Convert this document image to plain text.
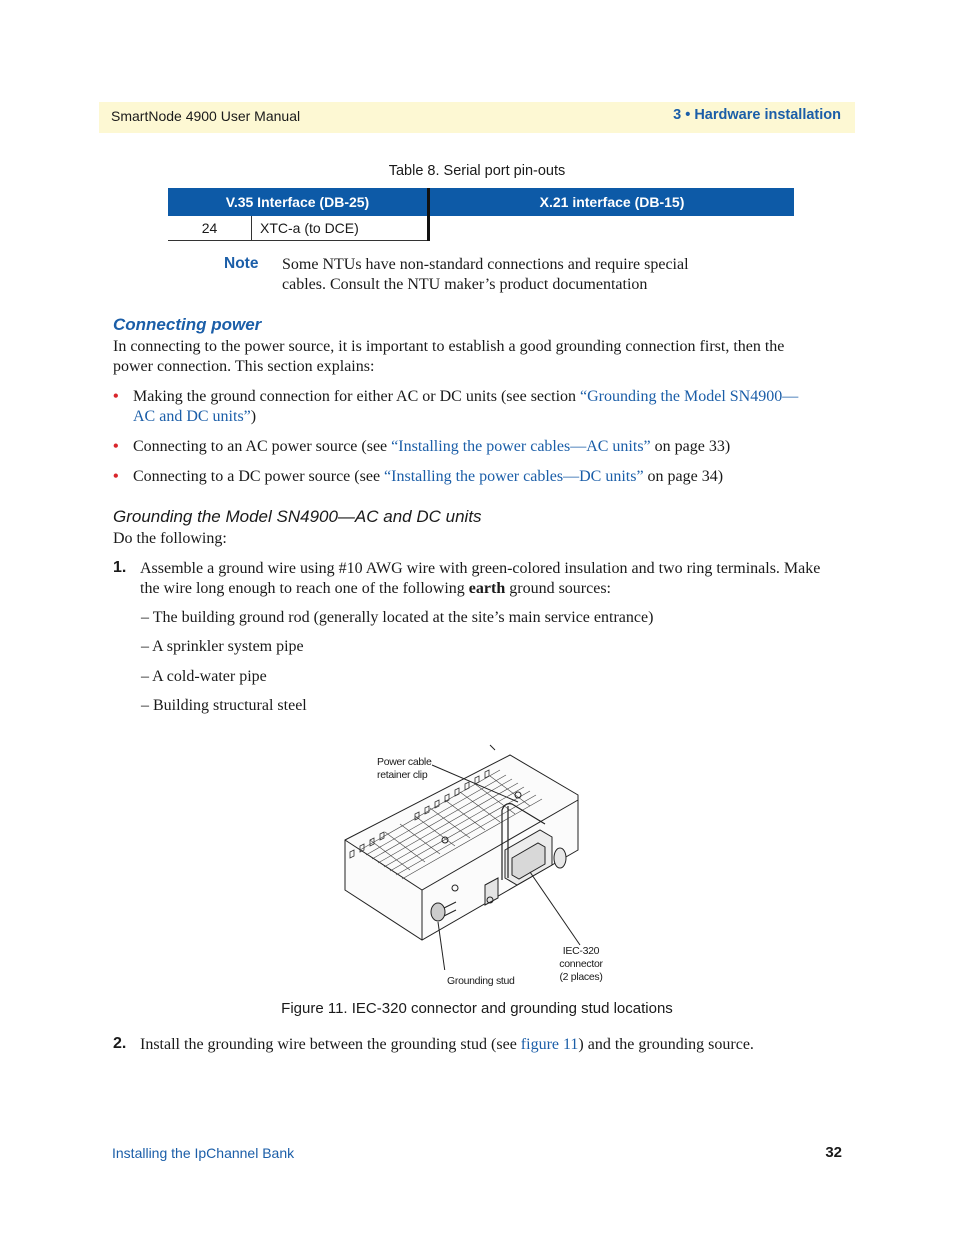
SmartNode 4900 User Manual	3 • Hardware installation
Table 8. Serial port pin-outs
V.35 Interface (DB-25)		X.21 interface (DB-15)
24	XTC-a (to DCE)	
Note Some NTUs have non-standard connections and require special
cables. Consult the NTU maker’s product documentation
Connecting power
In connecting to the power source, it is important to establish a good grounding connection first, then the
power connection. This section explains:
• Making the ground connection for either AC or DC units (see section “Grounding the Model SN4900—
AC and DC units”)
• Connecting to an AC power source (see “Installing the power cables—AC units” on page 33)
• Connecting to a DC power source (see “Installing the power cables—DC units” on page 34)
Grounding the Model SN4900—AC and DC units
Do the following:
1. Assemble a ground wire using #10 AWG wire with green-colored insulation and two ring terminals. Make
the wire long enough to reach one of the following earth ground sources:
– The building ground rod (generally located at the site’s main service entrance)
– A sprinkler system pipe
– A cold-water pipe
– Building structural steel
Power cable
retainer clip
IEC-320 connector
(2 places)
Grounding stud
Figure 11. IEC-320 connector and grounding stud locations
2. Install the grounding wire between the grounding stud (see figure 11) and the grounding source.
Installing the IpChannel Bank	32
